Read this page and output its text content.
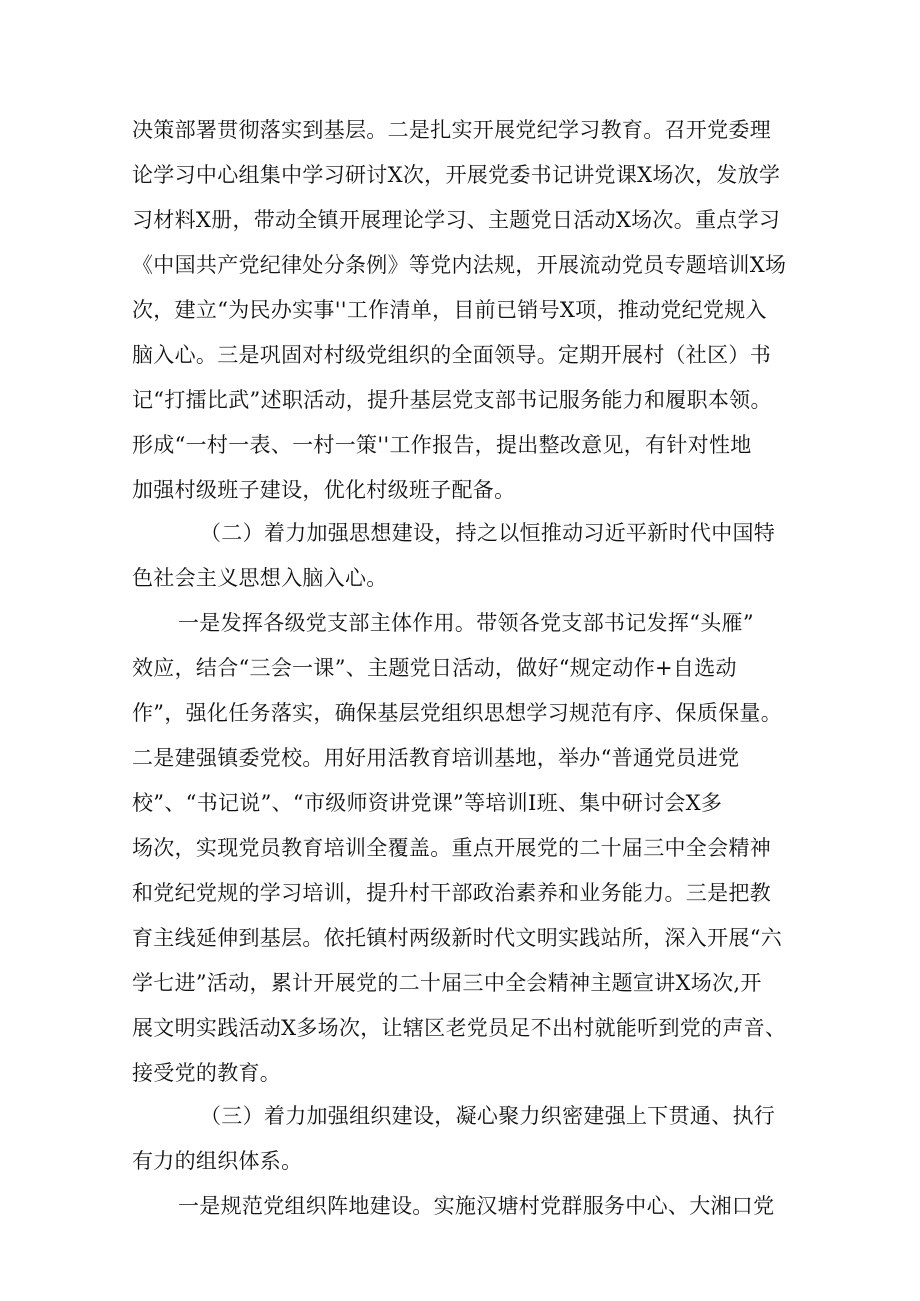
决策部署贯彻落实到基层。二是扎实开展党纪学习教育。召开党委理

论学习中心组集中学习研讨X次，开展党委书记讲党课X场次，发放学

习材料X册，带动全镇开展理论学习、主题党日活动X场次。重点学习

《中国共产党纪律处分条例》等党内法规，开展流动党员专题培训X场

次，建立“为民办实事''工作清单，目前已销号X项，推动党纪党规入

脑入心。三是巩固对村级党组织的全面领导。定期开展村（社区）书

记“打擂比武”述职活动，提升基层党支部书记服务能力和履职本领。

形成“一村一表、一村一策''工作报告，提出整改意见，有针对性地

加强村级班子建设，优化村级班子配备。

（二）着力加强思想建设，持之以恒推动习近平新时代中国特

色社会主义思想入脑入心。

一是发挥各级党支部主体作用。带领各党支部书记发挥“头雁”

效应，结合“三会一课”、主题党日活动，做好“规定动作+自选动

作”，强化任务落实，确保基层党组织思想学习规范有序、保质保量。

二是建强镇委党校。用好用活教育培训基地，举办“普通党员进党

校”、“书记说”、“市级师资讲党课”等培训I班、集中研讨会X多

场次，实现党员教育培训全覆盖。重点开展党的二十届三中全会精神

和党纪党规的学习培训，提升村干部政治素养和业务能力。三是把教

育主线延伸到基层。依托镇村两级新时代文明实践站所，深入开展“六

学七进”活动，累计开展党的二十届三中全会精神主题宣讲X场次,开

展文明实践活动X多场次，让辖区老党员足不出村就能听到党的声音、

接受党的教育。

（三）着力加强组织建设，凝心聚力织密建强上下贯通、执行

有力的组织体系。

一是规范党组织阵地建设。实施汉塘村党群服务中心、大湘口党
